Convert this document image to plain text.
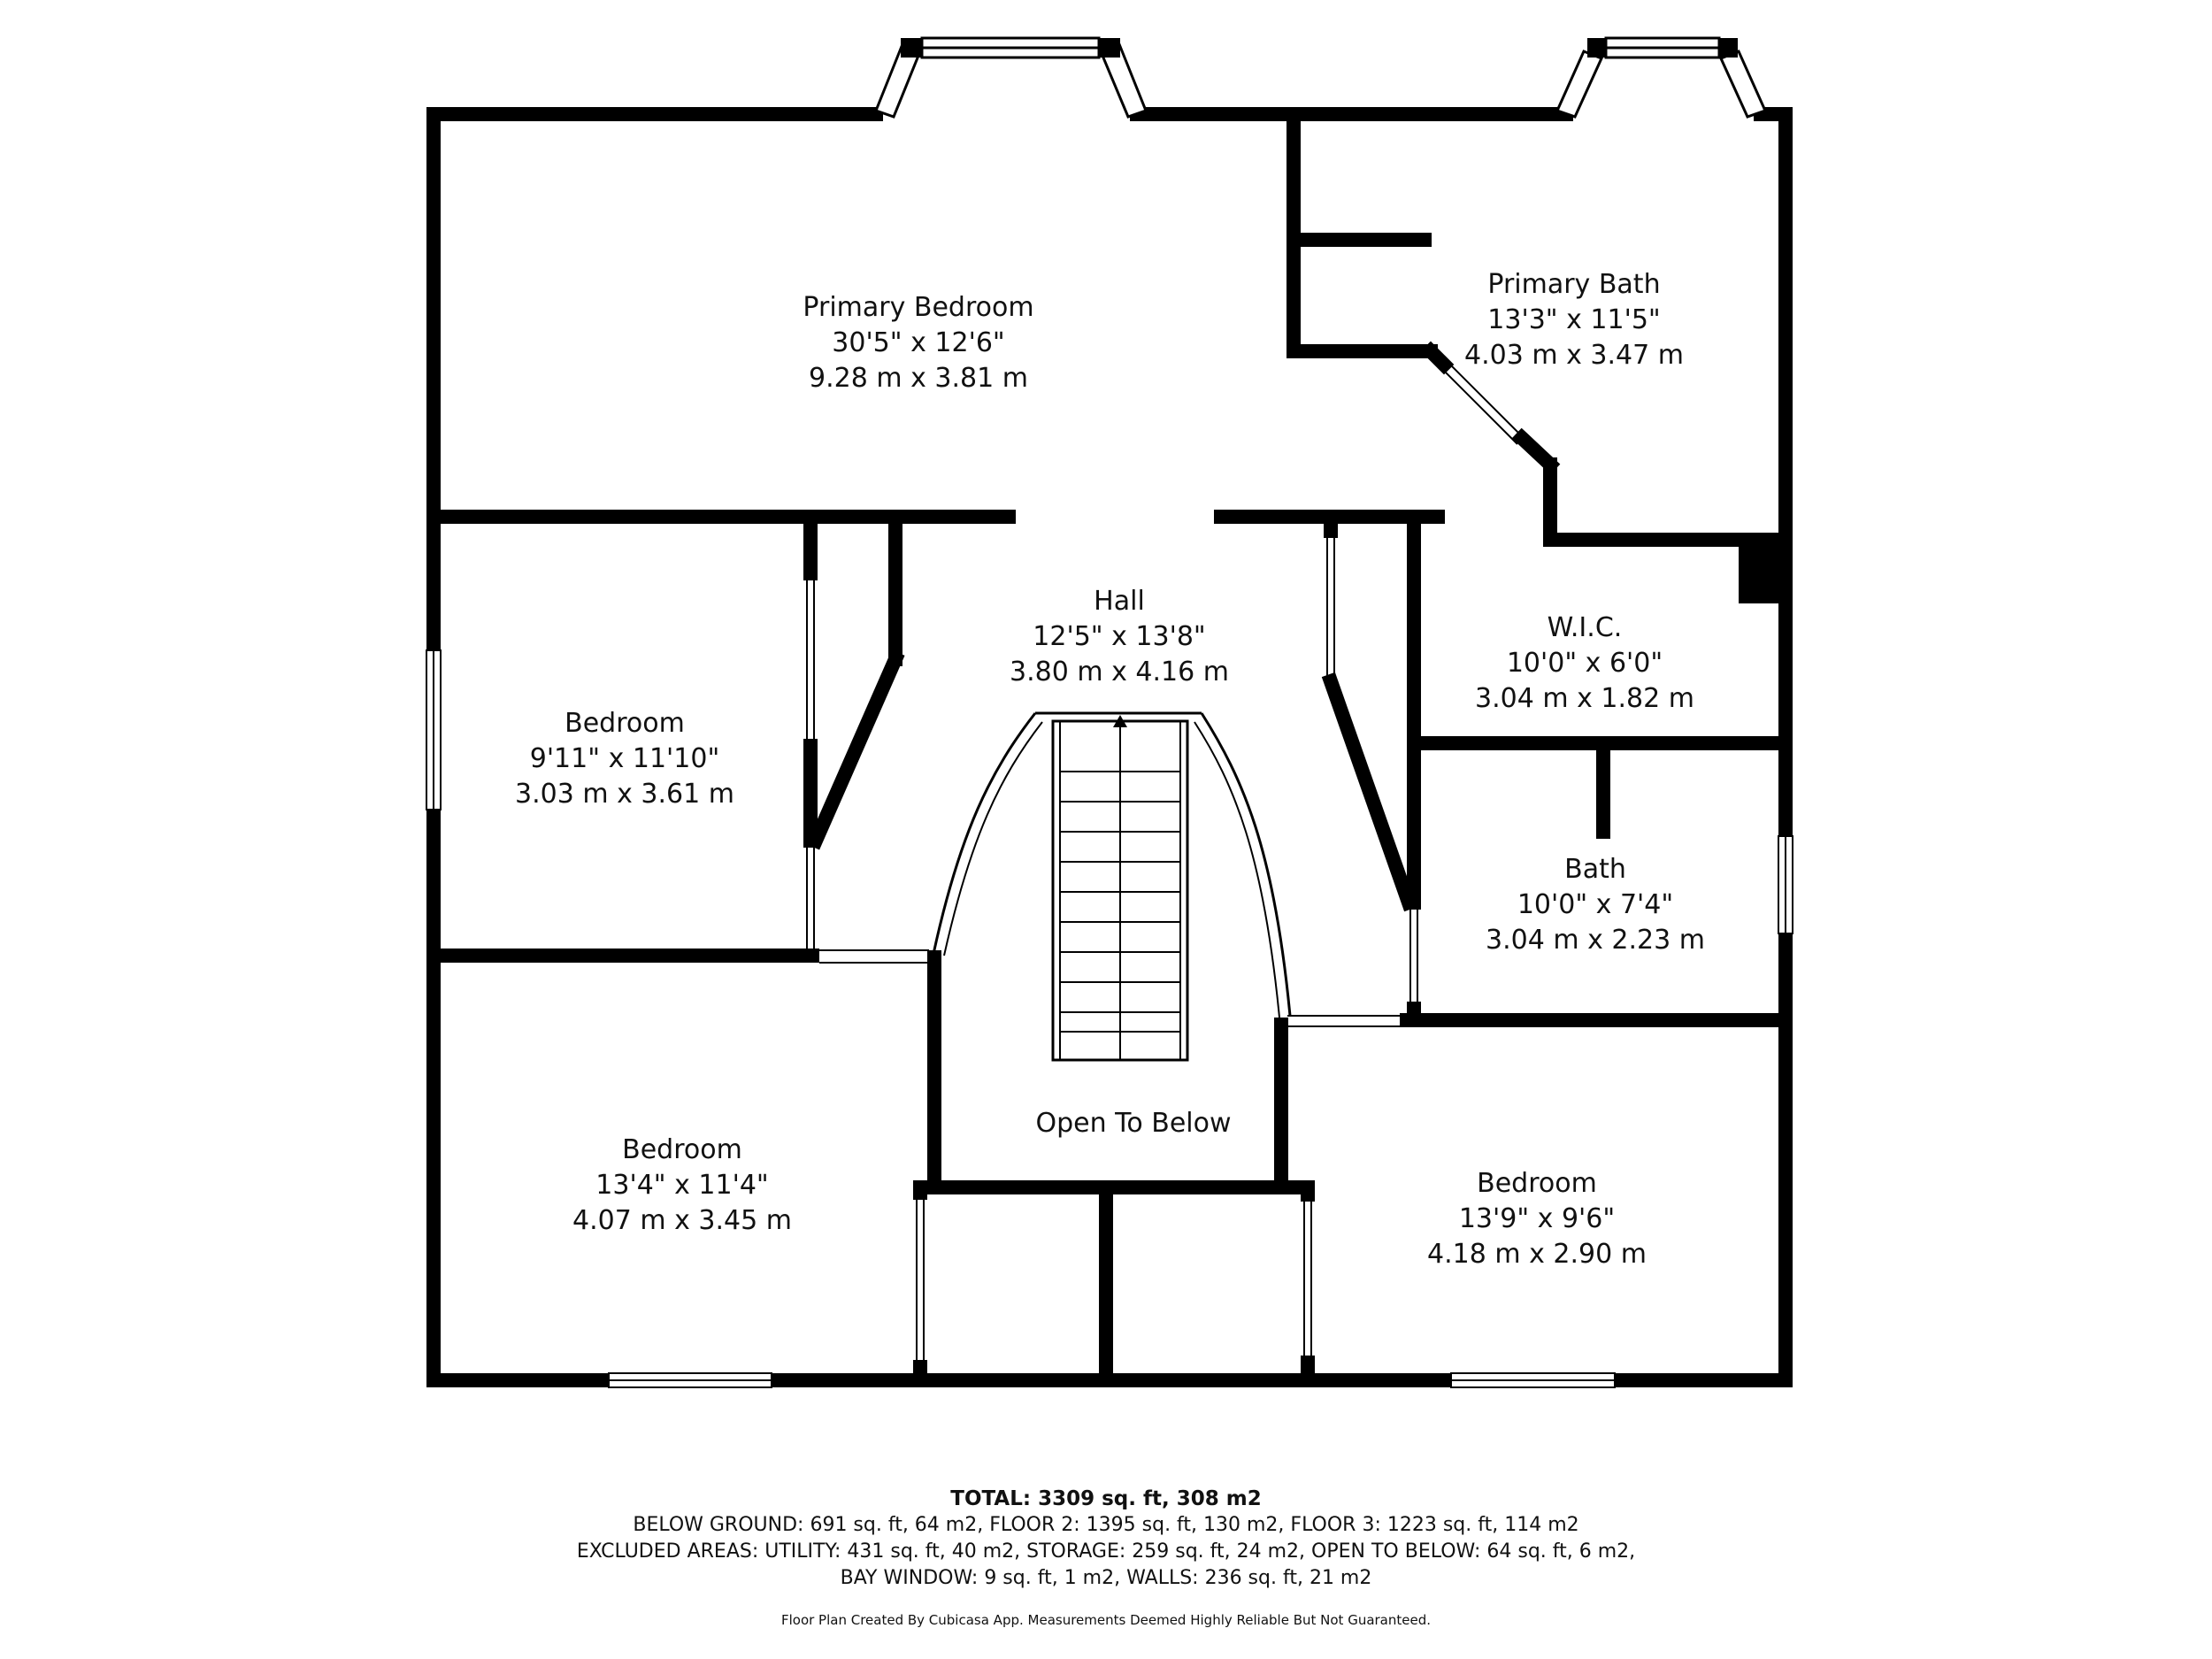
Primary Bedroom
30'5" x 12'6"
9.28 m x 3.81 m
Primary Bath
13'3" x 11'5"
4.03 m x 3.47 m
Hall
12'5" x 13'8"
3.80 m x 4.16 m
W.I.C.
10'0" x 6'0"
3.04 m x 1.82 m
Bedroom
9'11" x 11'10"
3.03 m x 3.61 m
Bath
10'0" x 7'4"
3.04 m x 2.23 m
Bedroom
13'4" x 11'4"
4.07 m x 3.45 m
Open To Below
Bedroom
13'9" x 9'6"
4.18 m x 2.90 m
TOTAL: 3309 sq. ft, 308 m2
BELOW GROUND: 691 sq. ft, 64 m2, FLOOR 2: 1395 sq. ft, 130 m2, FLOOR 3: 1223 sq. ft, 114 m2
EXCLUDED AREAS: UTILITY: 431 sq. ft, 40 m2, STORAGE: 259 sq. ft, 24 m2, OPEN TO BELOW: 64 sq. ft, 6 m2,
BAY WINDOW: 9 sq. ft, 1 m2, WALLS: 236 sq. ft, 21 m2
Floor Plan Created By Cubicasa App. Measurements Deemed Highly Reliable But Not Guaranteed.
